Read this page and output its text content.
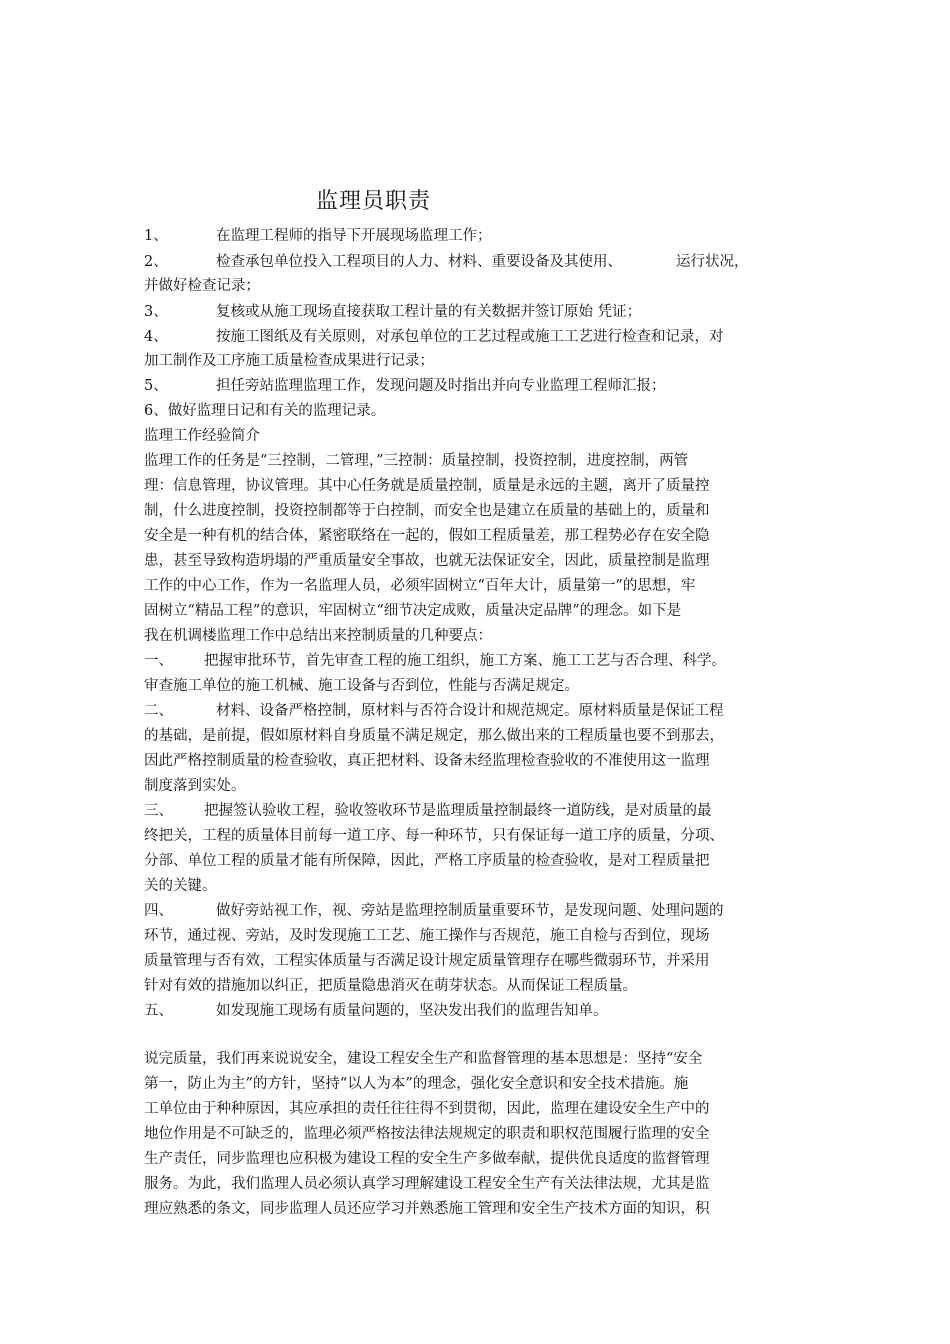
监理员职责
1、	在监理工程师的指导下开展现场监理工作；
2、	检查承包单位投入工程项目的人力、材料、重要设备及其使用、	运行状况，
并做好检查记录；
3、	复核或从施工现场直接获取工程计量的有关数据并签订原始 凭证；
4、	按施工图纸及有关原则，对承包单位的工艺过程或施工工艺进行检查和记录，对
加工制作及工序施工质量检查成果进行记录；
5、	担任旁站监理监理工作，发现问题及时指出并向专业监理工程师汇报；
6、做好监理日记和有关的监理记录。
监理工作经验简介
监理工作的任务是“三控制，二管理，”三控制：质量控制，投资控制，进度控制，两管
理：信息管理，协议管理。其中心任务就是质量控制，质量是永远的主题，离开了质量控
制，什么进度控制，投资控制都等于白控制，而安全也是建立在质量的基础上的，质量和
安全是一种有机的结合体，紧密联络在一起的，假如工程质量差，那工程势必存在安全隐
患，甚至导致构造坍塌的严重质量安全事故，也就无法保证安全，因此，质量控制是监理
工作的中心工作，作为一名监理人员，必须牢固树立“百年大计，质量第一”的思想，牢
固树立“精品工程”的意识，牢固树立“细节决定成败，质量决定品牌”的理念。如下是
我在机调楼监理工作中总结出来控制质量的几种要点：
一、 把握审批环节，首先审查工程的施工组织，施工方案、施工工艺与否合理、科学。
审查施工单位的施工机械、施工设备与否到位，性能与否满足规定。
二、	材料、设备严格控制，原材料与否符合设计和规范规定。原材料质量是保证工程
的基础，是前提，假如原材料自身质量不满足规定，那么做出来的工程质量也要不到那去，
因此严格控制质量的检查验收，真正把材料、设备未经监理检查验收的不准使用这一监理
制度落到实处。
三、 把握签认验收工程，验收签收环节是监理质量控制最终一道防线，是对质量的最
终把关，工程的质量体目前每一道工序、每一种环节，只有保证每一道工序的质量，分项、
分部、单位工程的质量才能有所保障，因此，严格工序质量的检查验收，是对工程质量把
关的关键。
四、	做好旁站视工作，视、旁站是监理控制质量重要环节，是发现问题、处理问题的
环节，通过视、旁站，及时发现施工工艺、施工操作与否规范，施工自检与否到位，现场
质量管理与否有效，工程实体质量与否满足设计规定质量管理存在哪些微弱环节，并采用
针对有效的措施加以纠正，把质量隐患消灭在萌芽状态。从而保证工程质量。
五、	如发现施工现场有质量问题的，坚决发出我们的监理告知单。
说完质量，我们再来说说安全，建设工程安全生产和监督管理的基本思想是：坚持“安全
第一，防止为主”的方针，坚持“以人为本”的理念，强化安全意识和安全技术措施。施
工单位由于种种原因，其应承担的责任往往得不到贯彻，因此，监理在建设安全生产中的
地位作用是不可缺乏的，监理必须严格按法律法规规定的职责和职权范围履行监理的安全
生产责任，同步监理也应积极为建设工程的安全生产多做奉献，提供优良适度的监督管理
服务。为此，我们监理人员必须认真学习理解建设工程安全生产有关法律法规，尤其是监
理应熟悉的条文，同步监理人员还应学习并熟悉施工管理和安全生产技术方面的知识，积
